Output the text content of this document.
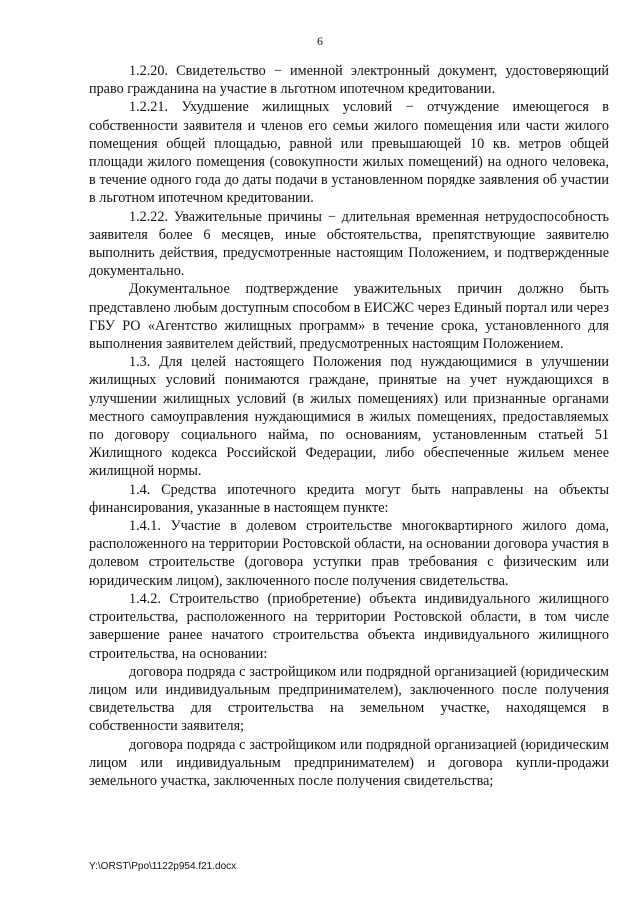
6

1.2.20. Свидетельство − именной электронный документ, удостоверяющий право гражданина на участие в льготном ипотечном кредитовании.

1.2.21. Ухудшение жилищных условий − отчуждение имеющегося в собственности заявителя и членов его семьи жилого помещения или части жилого помещения общей площадью, равной или превышающей 10 кв. метров общей площади жилого помещения (совокупности жилых помещений) на одного человека, в течение одного года до даты подачи в установленном порядке заявления об участии в льготном ипотечном кредитовании.

1.2.22. Уважительные причины − длительная временная нетрудоспособность заявителя более 6 месяцев, иные обстоятельства, препятствующие заявителю выполнить действия, предусмотренные настоящим Положением, и подтвержденные документально.

Документальное подтверждение уважительных причин должно быть представлено любым доступным способом в ЕИСЖС через Единый портал или через ГБУ РО «Агентство жилищных программ» в течение срока, установленного для выполнения заявителем действий, предусмотренных настоящим Положением.

1.3. Для целей настоящего Положения под нуждающимися в улучшении жилищных условий понимаются граждане, принятые на учет нуждающихся в улучшении жилищных условий (в жилых помещениях) или признанные органами местного самоуправления нуждающимися в жилых помещениях, предоставляемых по договору социального найма, по основаниям, установленным статьей 51 Жилищного кодекса Российской Федерации, либо обеспеченные жильем менее жилищной нормы.

1.4. Средства ипотечного кредита могут быть направлены на объекты финансирования, указанные в настоящем пункте:

1.4.1. Участие в долевом строительстве многоквартирного жилого дома, расположенного на территории Ростовской области, на основании договора участия в долевом строительстве (договора уступки прав требования с физическим или юридическим лицом), заключенного после получения свидетельства.

1.4.2. Строительство (приобретение) объекта индивидуального жилищного строительства, расположенного на территории Ростовской области, в том числе завершение ранее начатого строительства объекта индивидуального жилищного строительства, на основании:

договора подряда с застройщиком или подрядной организацией (юридическим лицом или индивидуальным предпринимателем), заключенного после получения свидетельства для строительства на земельном участке, находящемся в собственности заявителя;

договора подряда с застройщиком или подрядной организацией (юридическим лицом или индивидуальным предпринимателем) и договора купли-продажи земельного участка, заключенных после получения свидетельства;

Y:\ORST\Ppo\1122p954.f21.docx
